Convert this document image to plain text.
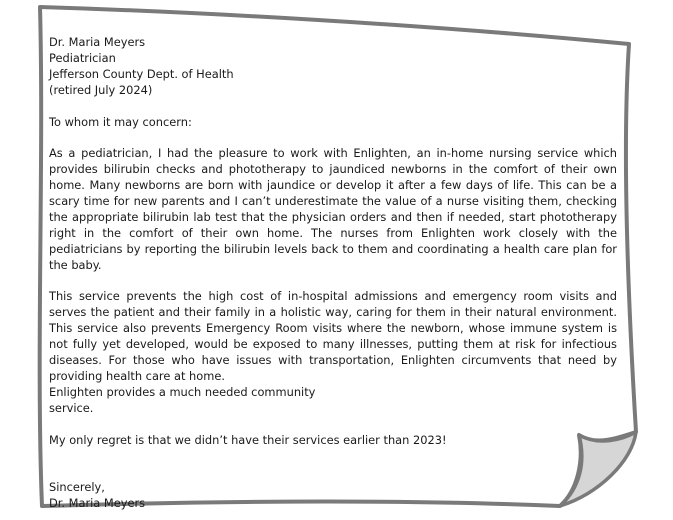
Dr. Maria Meyers
Pediatrician
Jefferson County Dept. of Health
(retired July 2024)
To whom it may concern:

As a pediatrician, I had the pleasure to work with Enlighten, an in-home nursing service which provides bilirubin checks and phototherapy to jaundiced newborns in the comfort of their own home. Many newborns are born with jaundice or develop it after a few days of life. This can be a scary time for new parents and I can’t underestimate the value of a nurse visiting them, checking the appropriate bilirubin lab test that the physician orders and then if needed, start phototherapy right in the comfort of their own home. The nurses from Enlighten work closely with the pediatricians by reporting the bilirubin levels back to them and coordinating a health care plan for the baby.

This service prevents the high cost of in-hospital admissions and emergency room visits and serves the patient and their family in a holistic way, caring for them in their natural environment. This service also prevents Emergency Room visits where the newborn, whose immune system is not fully yet developed, would be exposed to many illnesses, putting them at risk for infectious diseases. For those who have issues with transportation, Enlighten circumvents that need by providing health care at home.

Enlighten provides a much needed community
service.
My only regret is that we didn’t have their services earlier than 2023!
Sincerely,
Dr. Maria Meyers
